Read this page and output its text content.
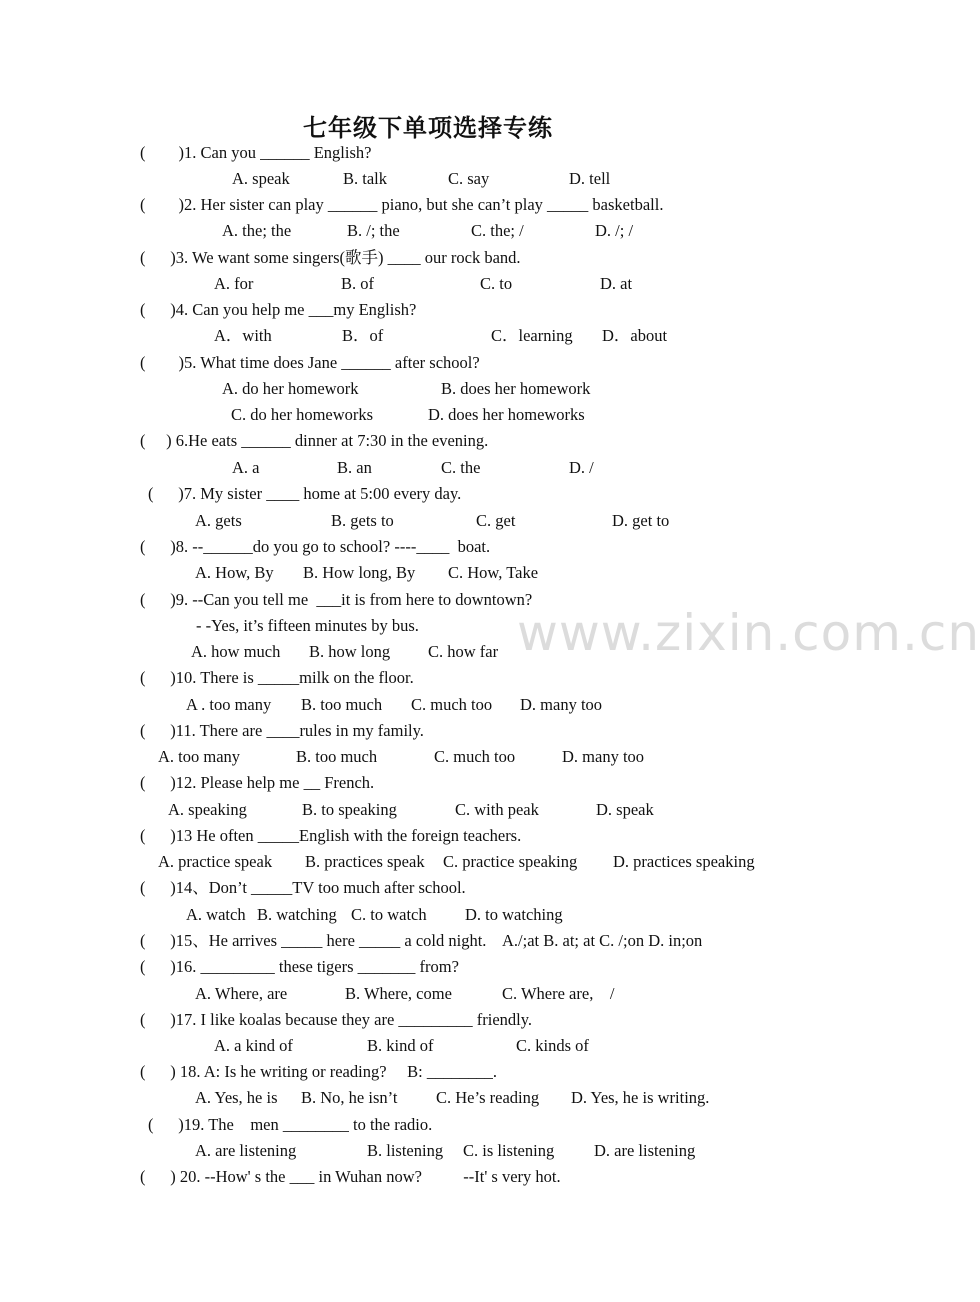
七年级下单项选择专练
(        )1. Can you ______ English?
A. speak	B. talk	C. say	D. tell
(        )2. Her sister can play ______ piano, but she can’t play _____ basketball.
A. the; the	B. /; the	C. the; /	D. /; /
(      )3. We want some singers(歌手) ____ our rock band.
A. for	B. of	C. to	D. at
(      )4. Can you help me ___my English?
A．with	B．of	C．learning D．about
(        )5. What time does Jane ______ after school?
A. do her homework	B. does her homework
C. do her homeworks	D. does her homeworks
(     ) 6.He eats ______ dinner at 7:30 in the evening.
A. a	B. an	C. the	D. /
(      )7. My sister ____ home at 5:00 every day.
A. gets	B. gets to	C. get	D. get to
(      )8. --______do you go to school? ----____  boat.
A. How, By B. How long, By C. How, Take
(      )9. --Can you tell me  ___it is from here to downtown?
- -Yes, it’s fifteen minutes by bus.
A. how much B. how long C. how far
(      )10. There is _____milk on the floor.
A . too many B. too much C. much too D. many too
(      )11. There are ____rules in my family.
A. too many	B. too much	C. much too	D. many too
(      )12. Please help me __ French.
A. speaking	B. to speaking	C. with peak	D. speak
(      )13 He often _____English with the foreign teachers.
A. practice speak B. practices speak C. practice speaking D. practices speaking
(      )14、Don’t _____TV too much after school.
A. watch B. watching C. to watch D. to watching
(      )15、He arrives _____ here _____ a cold night.    A./;at B. at; at C. /;on D. in;on
(      )16. _________ these tigers _______ from?
A. Where, are	B. Where, come	C. Where are,    /
(      )17. I like koalas because they are _________ friendly.
A. a kind of	B. kind of	C. kinds of
(      ) 18. A: Is he writing or reading?     B: ________.
A. Yes, he is B. No, he isn’t C. He’s reading D. Yes, he is writing.
(      )19. The    men ________ to the radio.
A. are listening	B. listening C. is listening D. are listening
(      ) 20. --How' s the ___ in Wuhan now?          --It' s very hot.
www.zixin.com.cn
